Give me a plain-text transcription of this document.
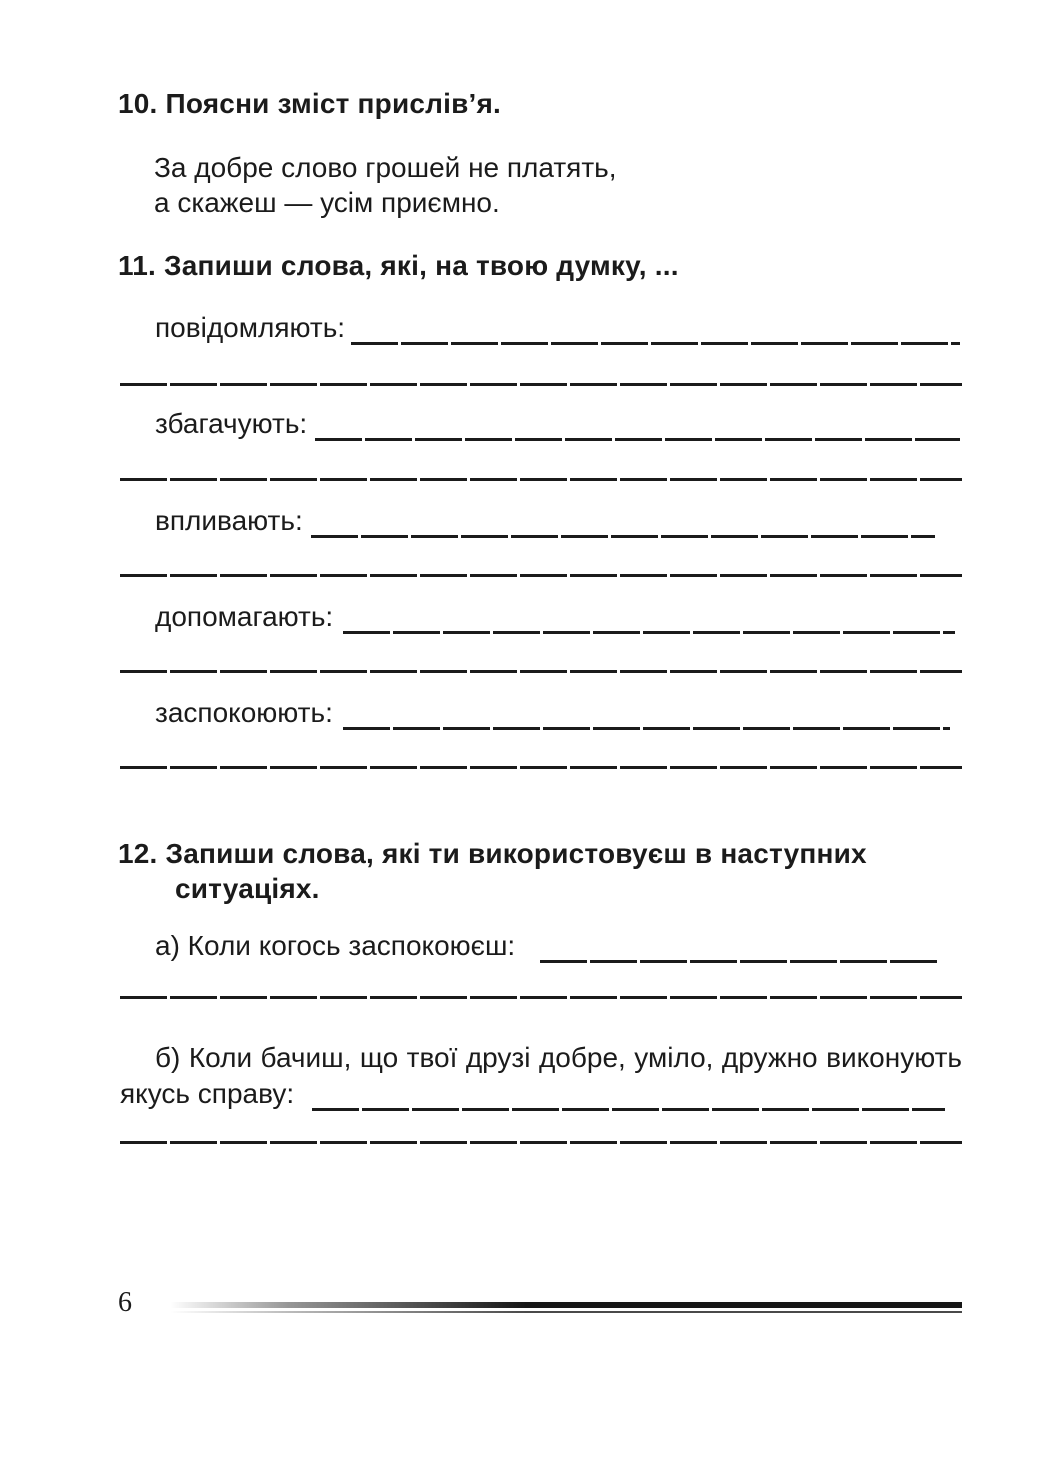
10. Поясни зміст прислів’я.
За добре слово грошей не платять,
а скажеш — усім приємно.
11. Запиши слова, які, на твою думку, ...
повідомляють:
збагачують:
впливають:
допомагають:
заспокоюють:
12. Запиши слова, які ти використовуєш в наступних
ситуаціях.
а) Коли когось заспокоюєш:
б) Коли бачиш, що твої друзі добре, уміло, дружно виконують
якусь справу:
6
